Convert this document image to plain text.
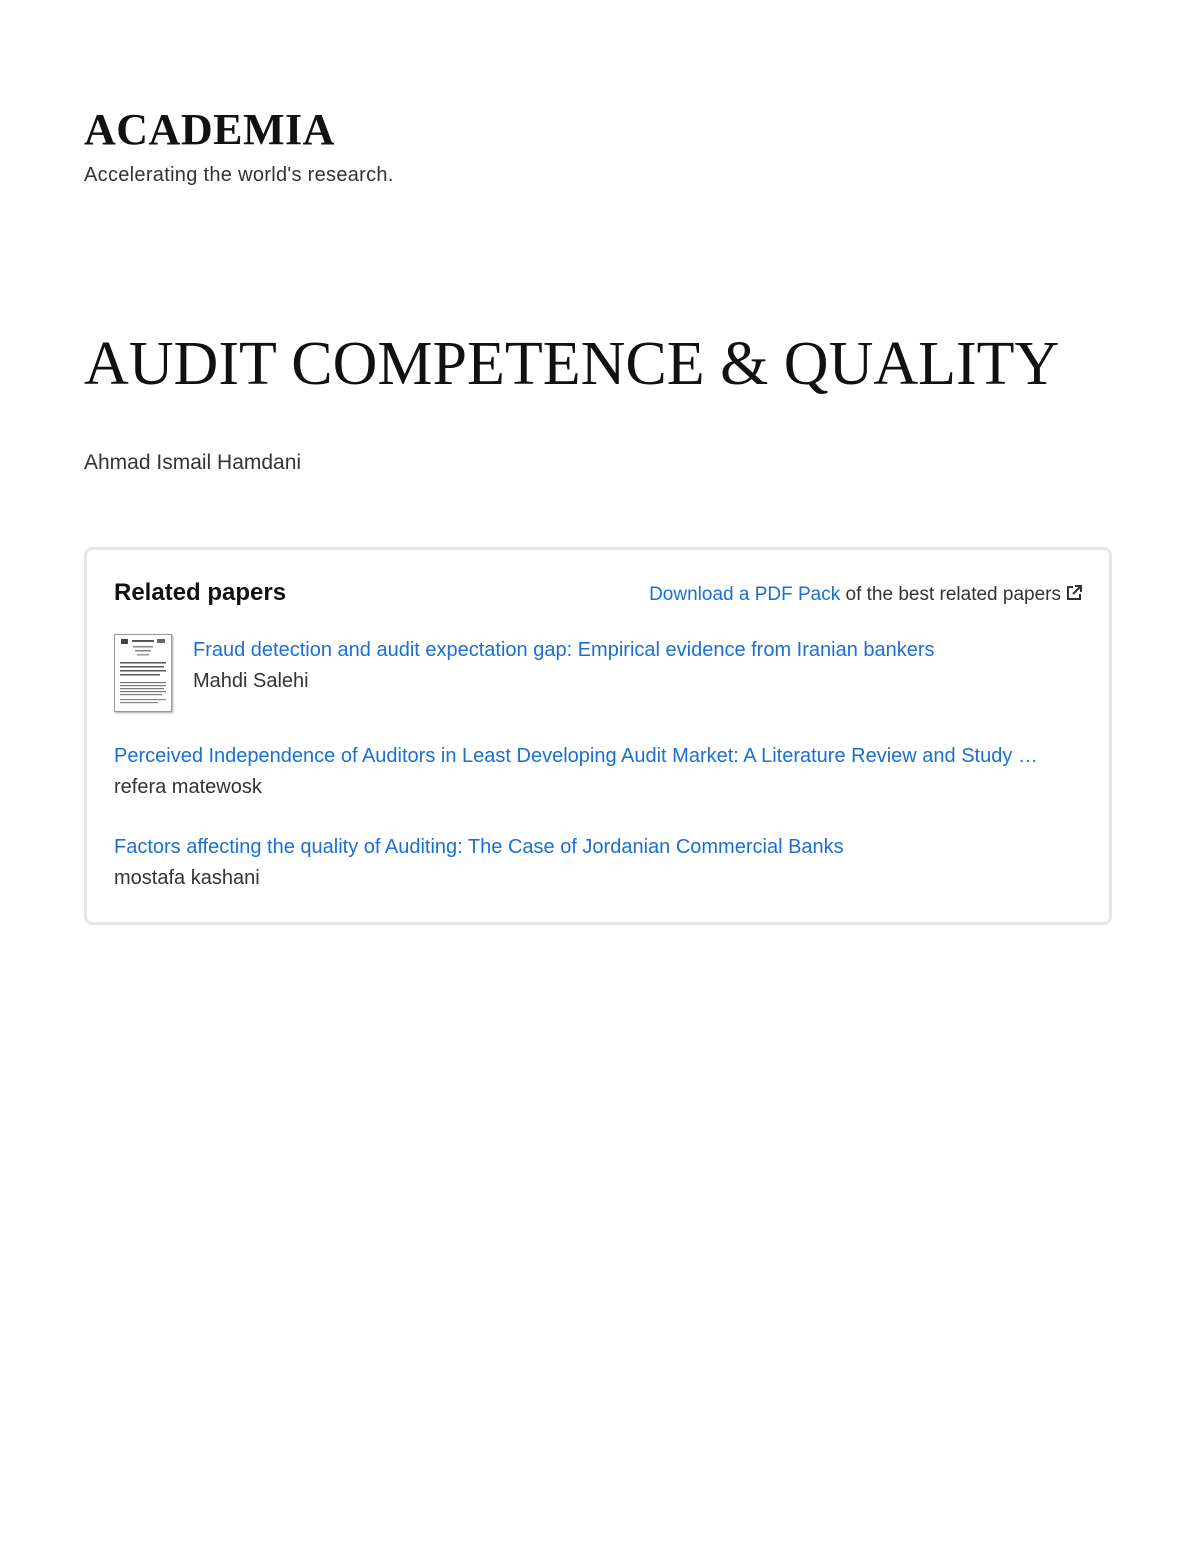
ACADEMIA
Accelerating the world's research.
AUDIT COMPETENCE & QUALITY
Ahmad Ismail Hamdani
Related papers	Download a PDF Pack of the best related papers
Fraud detection and audit expectation gap: Empirical evidence from Iranian bankers
Mahdi Salehi
Perceived Independence of Auditors in Least Developing Audit Market: A Literature Review and Study …
refera matewosk
Factors affecting the quality of Auditing: The Case of Jordanian Commercial Banks
mostafa kashani
